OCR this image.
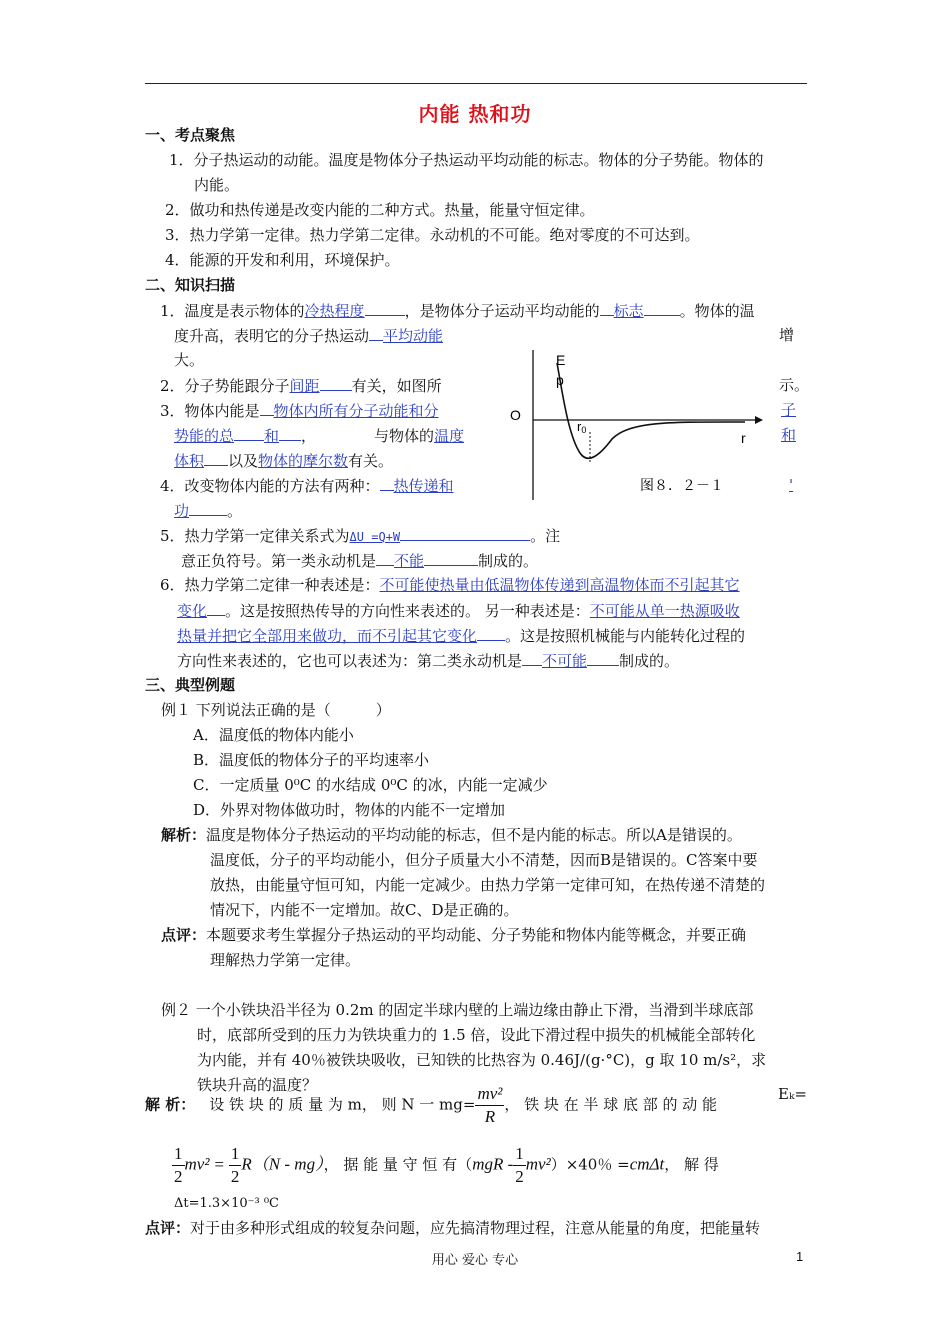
内能 热和功
一、考点聚焦
1．分子热运动的动能。温度是物体分子热运动平均动能的标志。物体的分子势能。物体的
内能。
2．做功和热传递是改变内能的二种方式。热量，能量守恒定律。
3．热力学第一定律。热力学第二定律。永动机的不可能。绝对零度的不可达到。
4．能源的开发和利用，环境保护。
二、知识扫描
1．温度是表示物体的冷热程度	，是物体分子运动平均动能的 标志 。物体的温
度升高，表明它的分子热运动 平均动能	增
大。
2．分子势能跟分子间距 有关，如图所	示。
3．物体内能是 物体内所有分子动能和分	子
势能的总 和 ，	与物体的温度	和
体积 以及物体的摩尔数有关。
4．改变物体内能的方法有两种： 热传递和	'
功	。
5．热力学第一定律关系式为ΔU =Q+W	。注
意正负符号。第一类永动机是 不能	制成的。
6．热力学第二定律一种表述是：不可能使热量由低温物体传递到高温物体而不引起其它
变化 。这是按照热传导的方向性来表述的。 另一种表述是：不可能从单一热源吸收
热量并把它全部用来做功，而不引起其它变化 。这是按照机械能与内能转化过程的
方向性来表述的，它也可以表述为：第二类永动机是 不可能 制成的。
E
p
O
r0	r
图８．２－１
三、典型例题
例１ 下列说法正确的是（　　　）
A．温度低的物体内能小
B．温度低的物体分子的平均速率小
C．一定质量 0⁰C 的水结成 0⁰C 的冰，内能一定减少
D．外界对物体做功时，物体的内能不一定增加
解析：温度是物体分子热运动的平均动能的标志，但不是内能的标志。所以A是错误的。
温度低，分子的平均动能小，但分子质量大小不清楚，因而B是错误的。C答案中要
放热，由能量守恒可知，内能一定减少。由热力学第一定律可知，在热传递不清楚的
情况下，内能不一定增加。故C、D是正确的。
点评：本题要求考生掌握分子热运动的平均动能、分子势能和物体内能等概念，并要正确
理解热力学第一定律。
例２ 一个小铁块沿半径为 0.2m 的固定半球内壁的上端边缘由静止下滑，当滑到半球底部
时，底部所受到的压力为铁块重力的 1.5 倍，设此下滑过程中损失的机械能全部转化
为内能，并有 40％被铁块吸收，已知铁的比热容为 0.46J/(g·°C)，g 取 10 m/s²，求
铁块升高的温度？
解 析： 设 铁 块 的 质 量 为 m， 则 N 一 $mg= \frac{\text{mv²}}{R}$ ， 铁 块 在 半 球 底 部 的 动 能
Eₖ=
$\frac{1}{2} mv^2 = \frac{1}{2} R(N - mg)$， 据 能 量 守 恒 有$(mgR - \frac{1}{2} mv^2)\times 40$％ =cmΔt， 解 得
Δt=1.3×10⁻³ ⁰C
点评：对于由多种形式组成的较复杂问题，应先搞清物理过程，注意从能量的角度，把能量转
用心 爱心 专心	1
